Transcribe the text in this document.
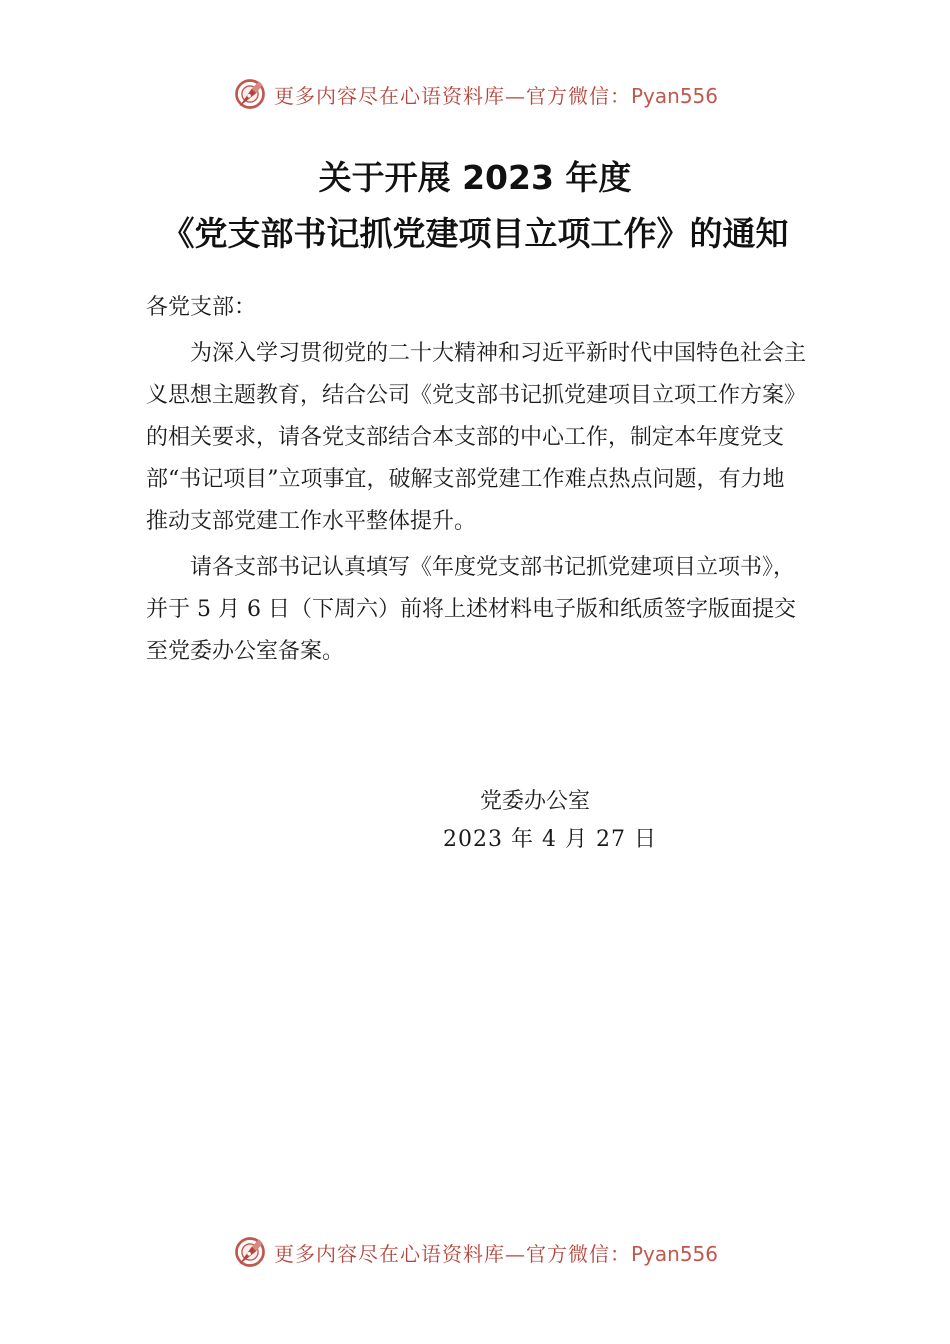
更多内容尽在心语资料库—官方微信：Pyan556
关于开展 2023 年度
《党支部书记抓党建项目立项工作》的通知
各党支部：

为深入学习贯彻党的二十大精神和习近平新时代中国特色社会主义思想主题教育，结合公司《党支部书记抓党建项目立项工作方案》的相关要求，请各党支部结合本支部的中心工作，制定本年度党支部“书记项目”立项事宜，破解支部党建工作难点热点问题，有力地推动支部党建工作水平整体提升。

请各支部书记认真填写《年度党支部书记抓党建项目立项书》，并于 5 月 6 日（下周六）前将上述材料电子版和纸质签字版面提交至党委办公室备案。

党委办公室
2023 年 4 月 27 日
更多内容尽在心语资料库—官方微信：Pyan556
